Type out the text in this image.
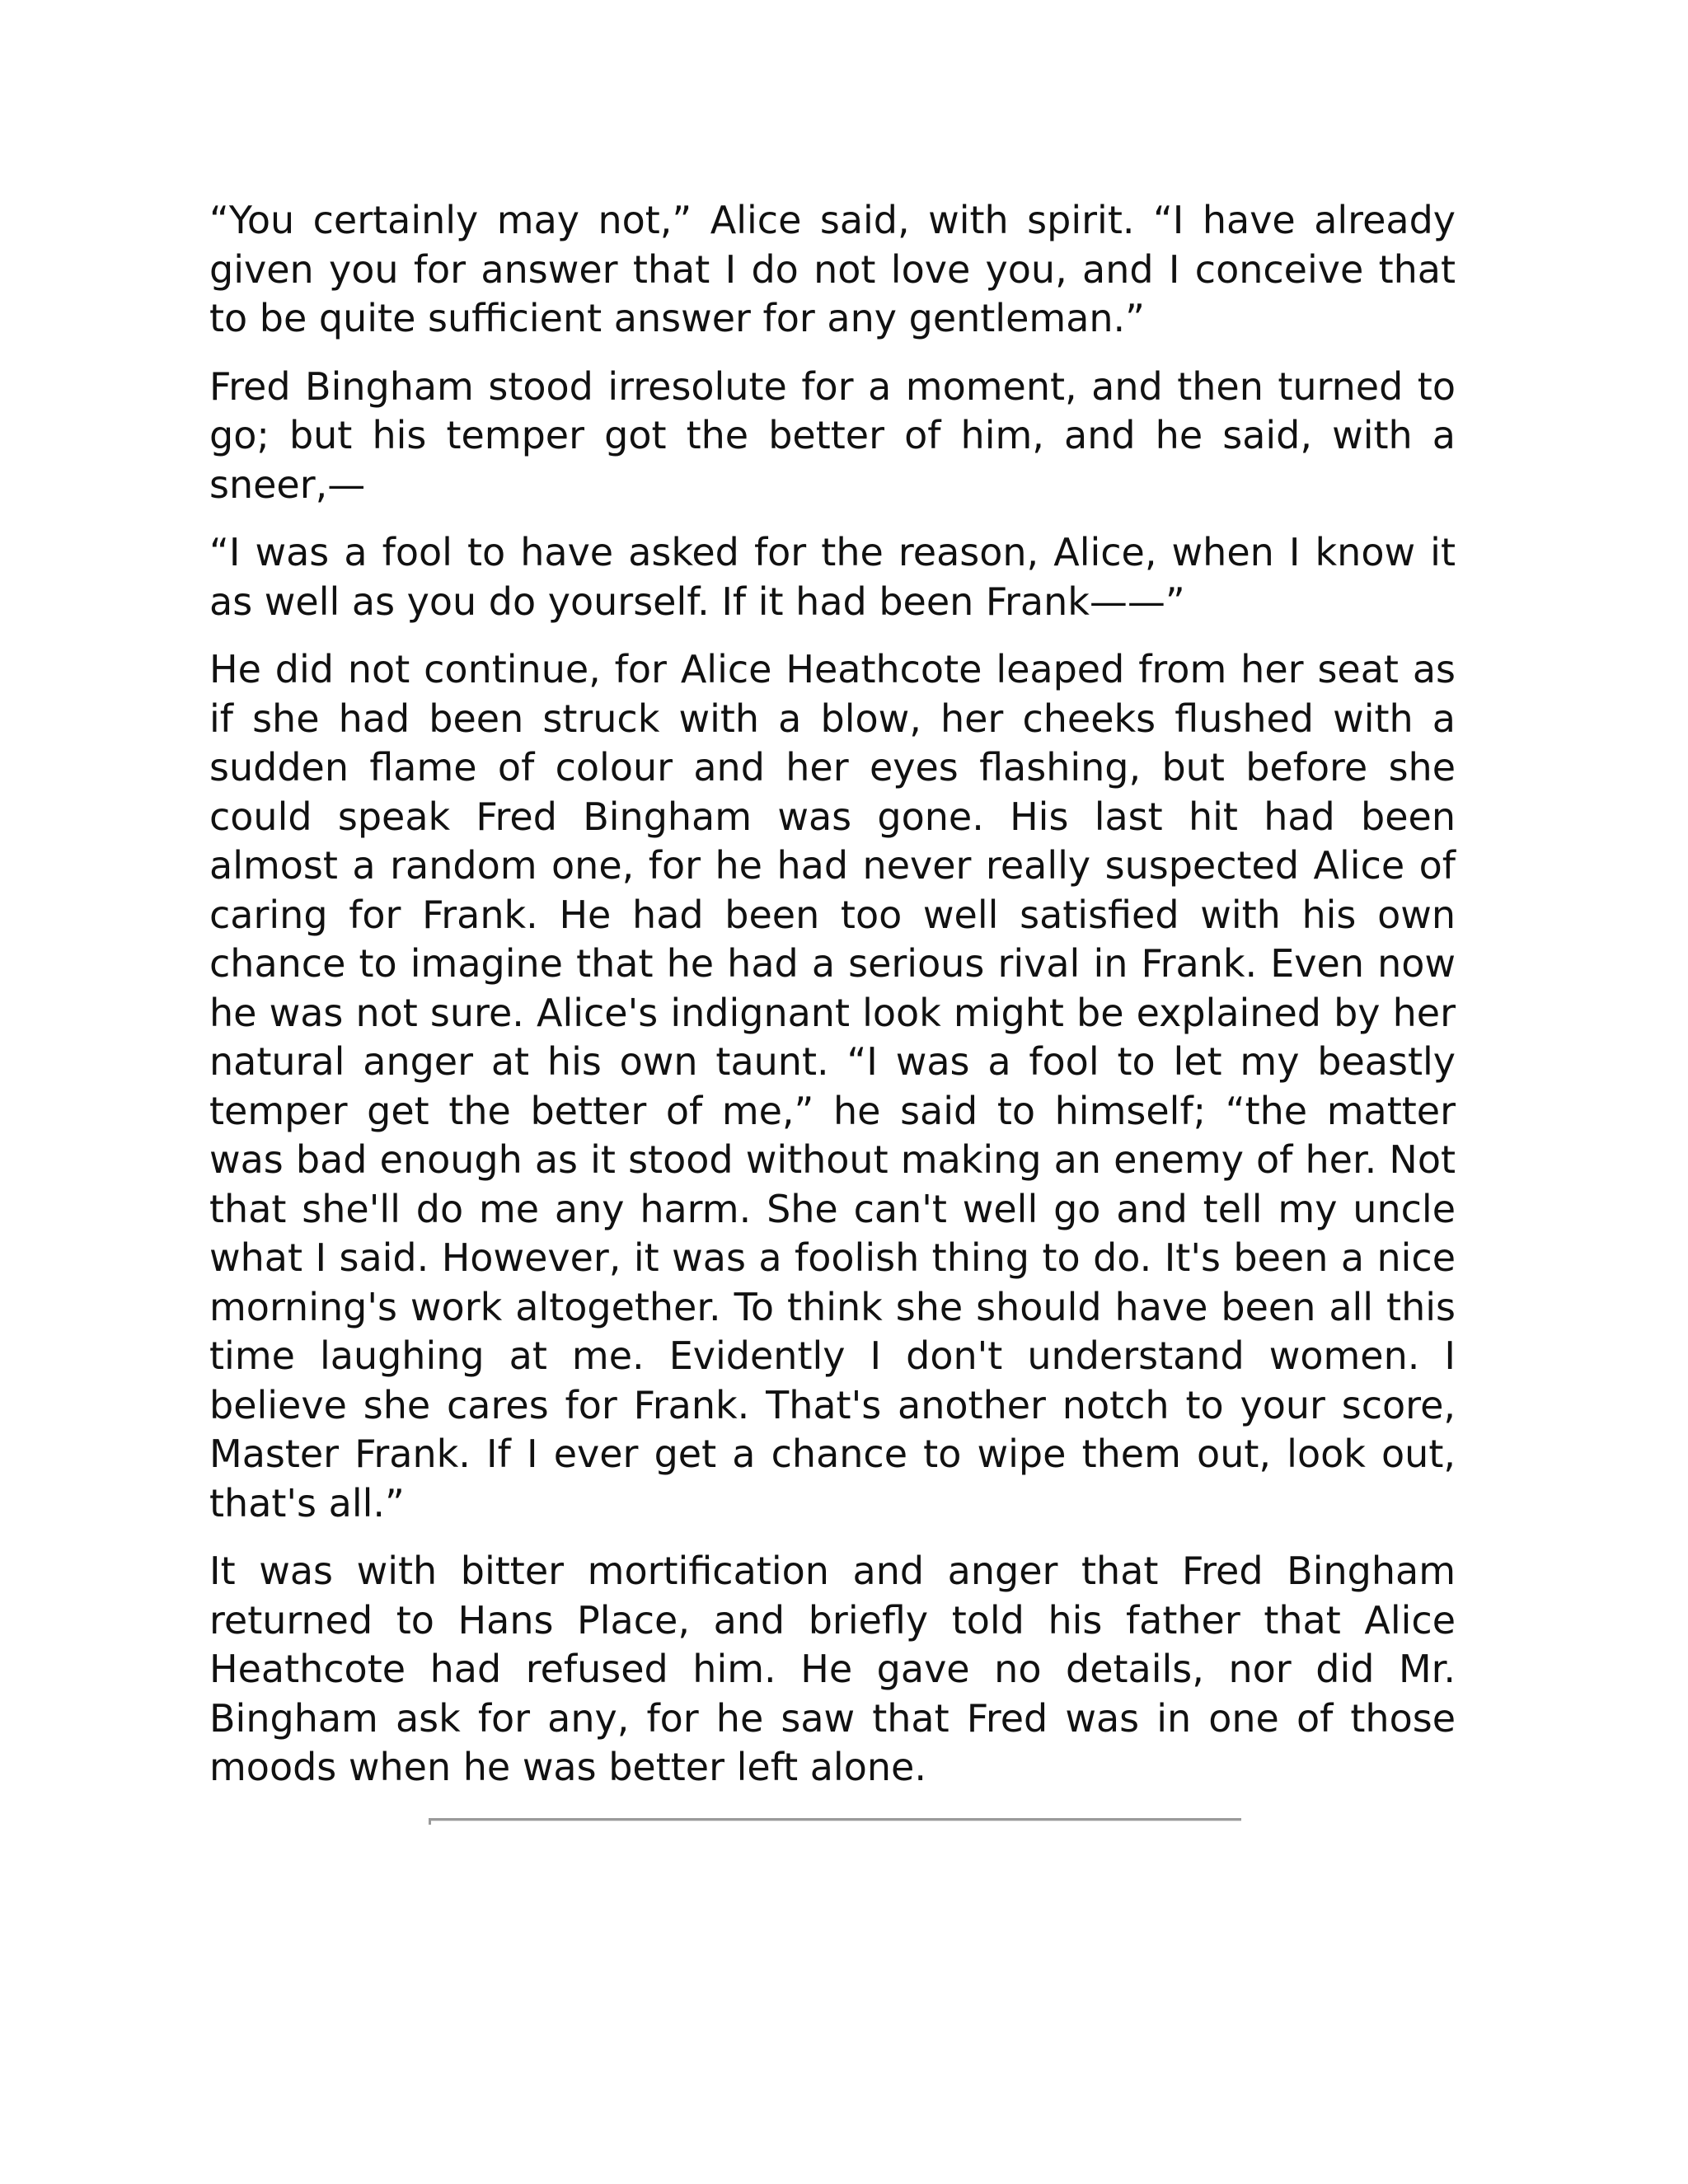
“You certainly may not,” Alice said, with spirit. “I have already given you for answer that I do not love you, and I conceive that to be quite sufficient answer for any gentleman.”

Fred Bingham stood irresolute for a moment, and then turned to go; but his temper got the better of him, and he said, with a sneer,—

“I was a fool to have asked for the reason, Alice, when I know it as well as you do yourself. If it had been Frank——”

He did not continue, for Alice Heathcote leaped from her seat as if she had been struck with a blow, her cheeks flushed with a sudden flame of colour and her eyes flashing, but before she could speak Fred Bingham was gone. His last hit had been almost a random one, for he had never really suspected Alice of caring for Frank. He had been too well satisfied with his own chance to imagine that he had a serious rival in Frank. Even now he was not sure. Alice's indignant look might be explained by her natural anger at his own taunt. “I was a fool to let my beastly temper get the better of me,” he said to himself; “the matter was bad enough as it stood without making an enemy of her. Not that she'll do me any harm. She can't well go and tell my uncle what I said. However, it was a foolish thing to do. It's been a nice morning's work altogether. To think she should have been all this time laughing at me. Evidently I don't understand women. I believe she cares for Frank. That's another notch to your score, Master Frank. If I ever get a chance to wipe them out, look out, that's all.”

It was with bitter mortification and anger that Fred Bingham returned to Hans Place, and briefly told his father that Alice Heathcote had refused him. He gave no details, nor did Mr. Bingham ask for any, for he saw that Fred was in one of those moods when he was better left alone.
